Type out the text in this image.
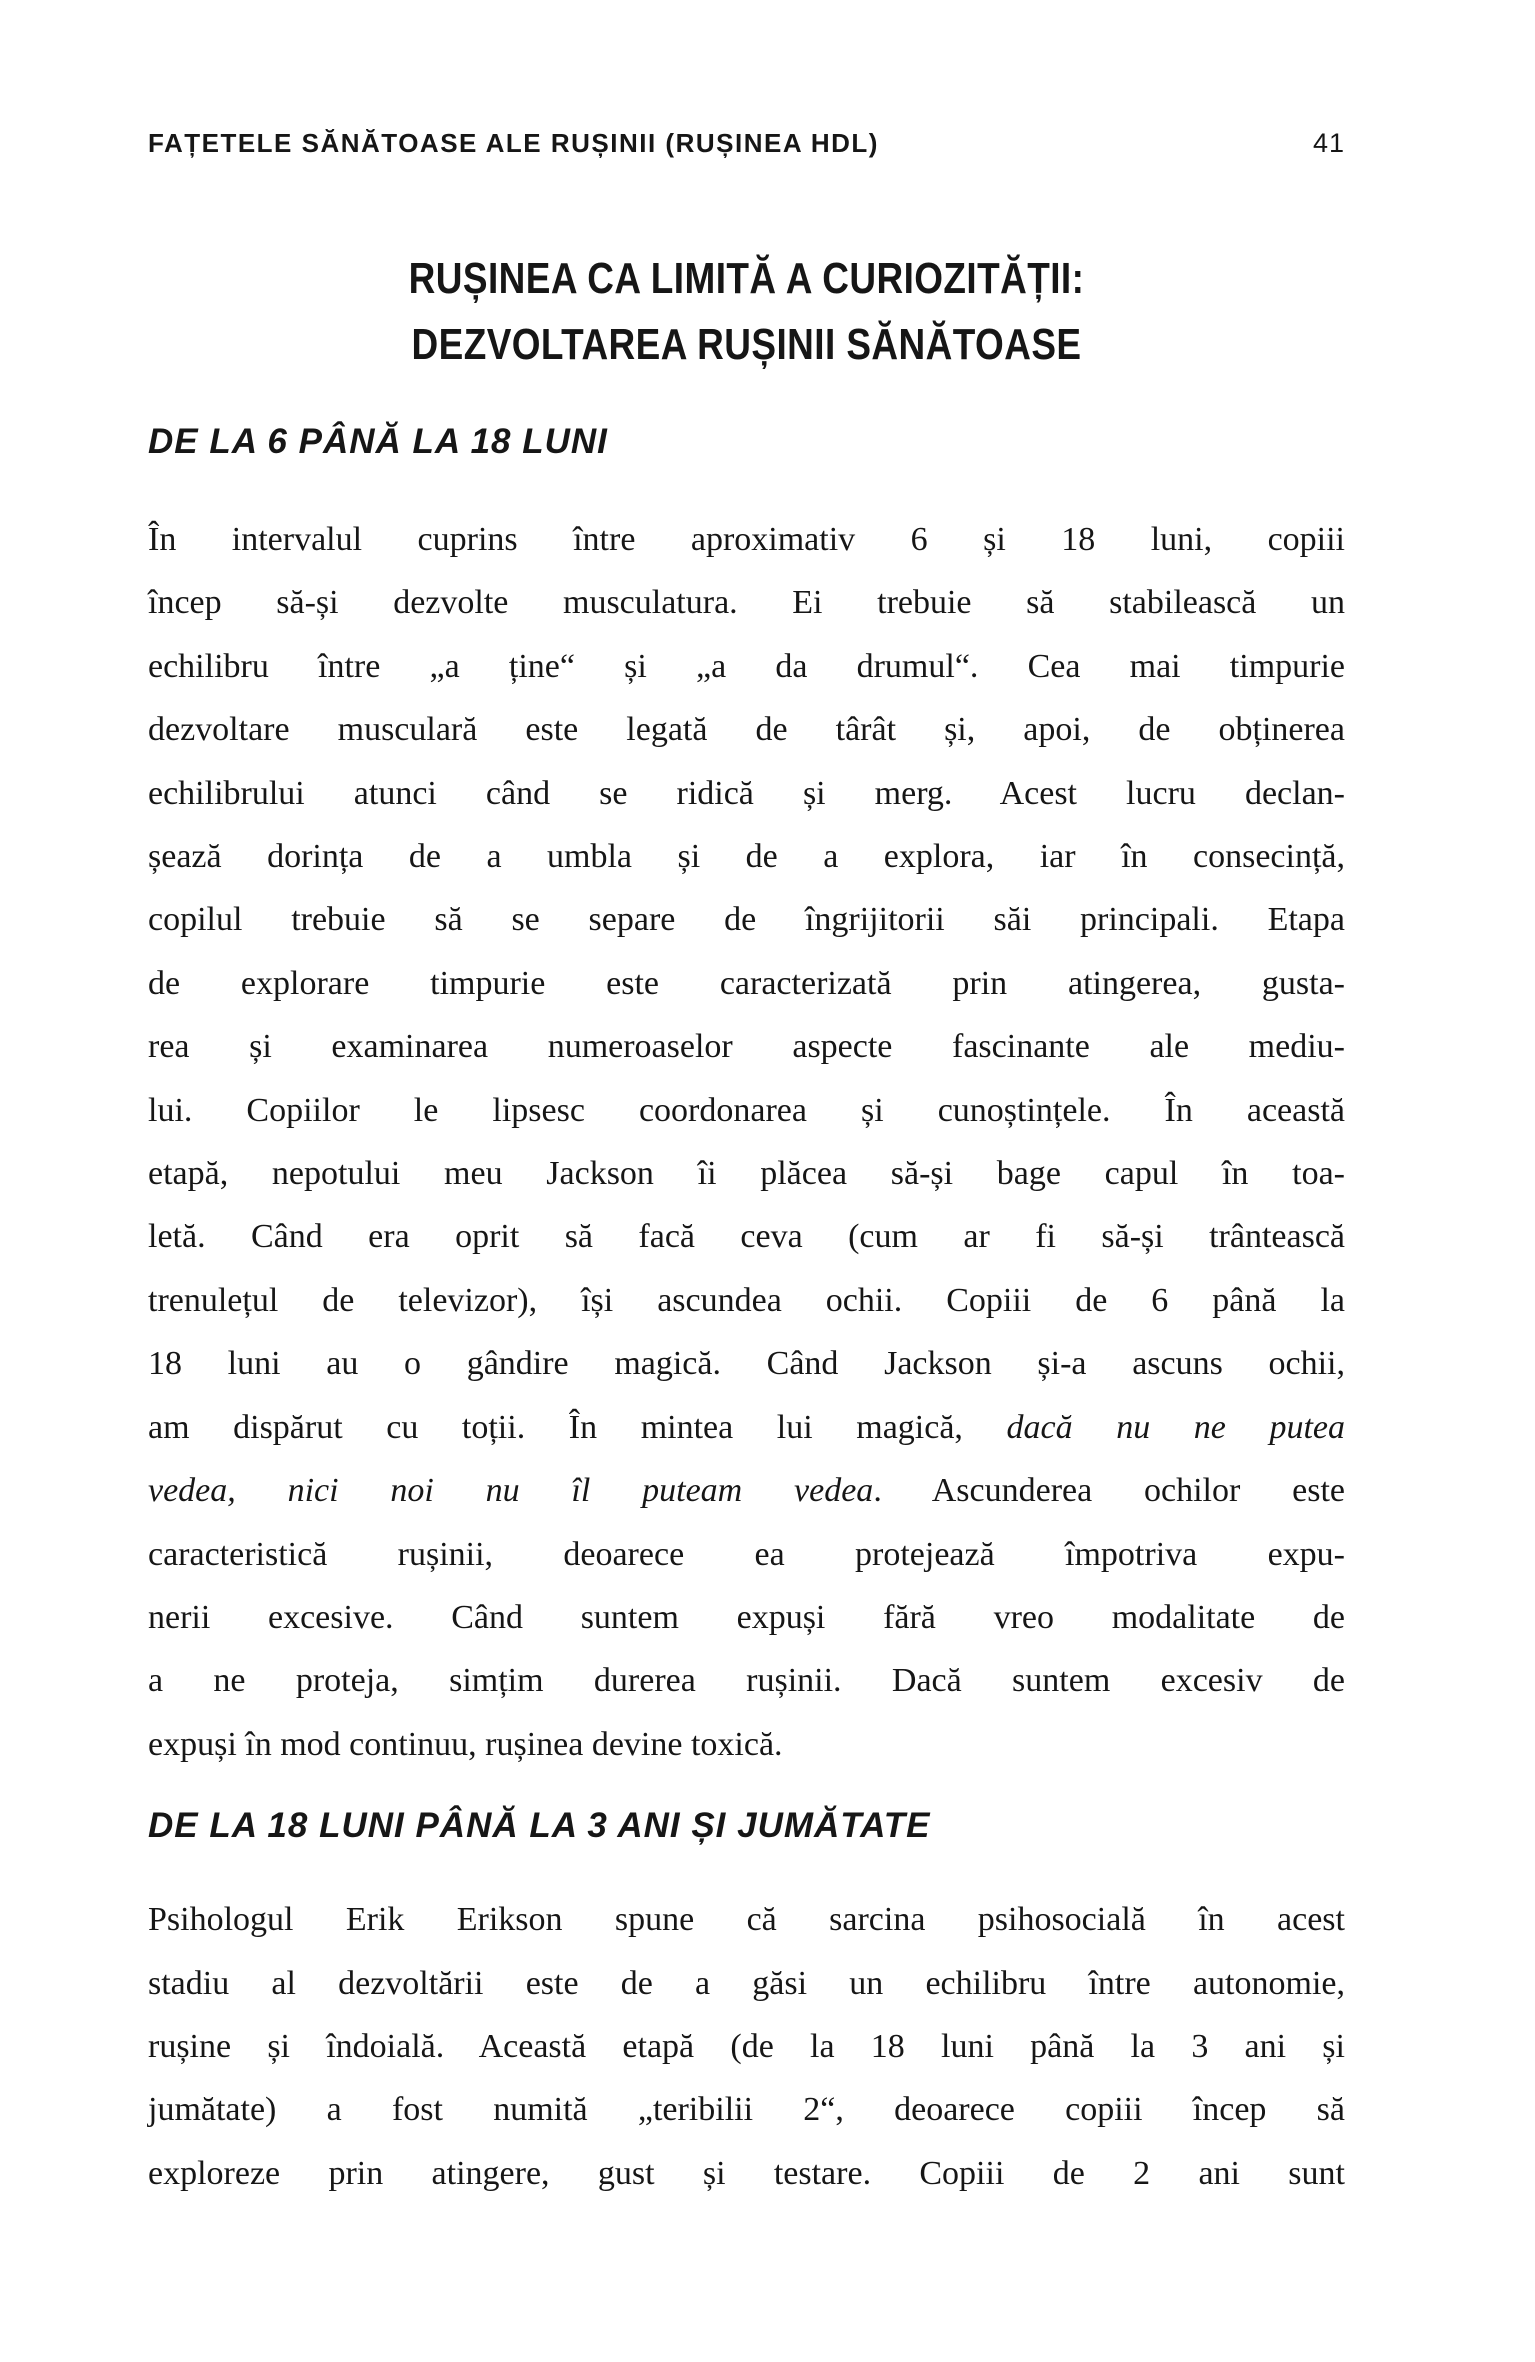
FAȚETELE SĂNĂTOASE ALE RUȘINII (RUȘINEA HDL)	41
RUȘINEA CA LIMITĂ A CURIOZITĂȚII:
DEZVOLTAREA RUȘINII SĂNĂTOASE
DE LA 6 PÂNĂ LA 18 LUNI
În intervalul cuprins între aproximativ 6 și 18 luni, copiii
încep să-și dezvolte musculatura. Ei trebuie să stabilească un
echilibru între „a ține“ și „a da drumul“. Cea mai timpurie
dezvoltare musculară este legată de târât și, apoi, de obținerea
echilibrului atunci când se ridică și merg. Acest lucru declan-
șează dorința de a umbla și de a explora, iar în consecință,
copilul trebuie să se separe de îngrijitorii săi principali. Etapa
de explorare timpurie este caracterizată prin atingerea, gusta-
rea și examinarea numeroaselor aspecte fascinante ale mediu-
lui. Copiilor le lipsesc coordonarea și cunoștințele. În această
etapă, nepotului meu Jackson îi plăcea să-și bage capul în toa-
letă. Când era oprit să facă ceva (cum ar fi să-și trântească
trenulețul de televizor), își ascundea ochii. Copiii de 6 până la
18 luni au o gândire magică. Când Jackson și-a ascuns ochii,
am dispărut cu toții. În mintea lui magică, dacă nu ne putea
vedea, nici noi nu îl puteam vedea. Ascunderea ochilor este
caracteristică rușinii, deoarece ea protejează împotriva expu-
nerii excesive. Când suntem expuși fără vreo modalitate de
a ne proteja, simțim durerea rușinii. Dacă suntem excesiv de
expuși în mod continuu, rușinea devine toxică.
DE LA 18 LUNI PÂNĂ LA 3 ANI ȘI JUMĂTATE
Psihologul Erik Erikson spune că sarcina psihosocială în acest
stadiu al dezvoltării este de a găsi un echilibru între autonomie,
rușine și îndoială. Această etapă (de la 18 luni până la 3 ani și
jumătate) a fost numită „teribilii 2“, deoarece copiii încep să
exploreze prin atingere, gust și testare. Copiii de 2 ani sunt
